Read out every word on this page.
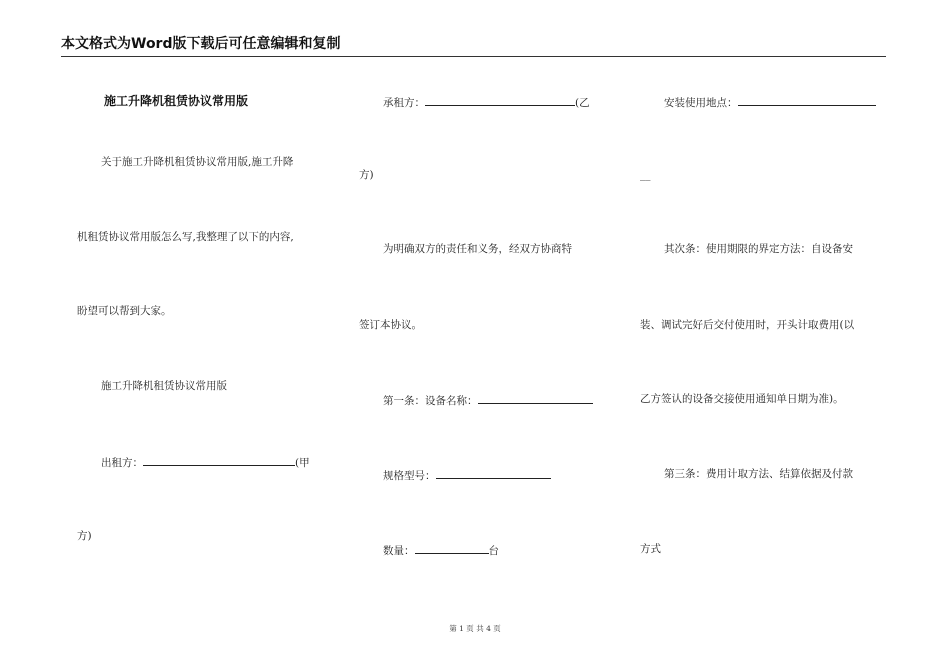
本文格式为Word版下载后可任意编辑和复制
施工升降机租赁协议常用版
关于施工升降机租赁协议常用版,施工升降
机租赁协议常用版怎么写,我整理了以下的内容,
盼望可以帮到大家。
施工升降机租赁协议常用版
出租方：	(甲
方)
承租方：	(乙
方)
为明确双方的责任和义务，经双方协商特
签订本协议。
第一条：设备名称：
规格型号：
数量：	台
安装使用地点：
__
其次条：使用期限的界定方法：自设备安
装、调试完好后交付使用时，开头计取费用(以
乙方签认的设备交接使用通知单日期为准)。
第三条：费用计取方法、结算依据及付款
方式
第 1 页 共 4 页
